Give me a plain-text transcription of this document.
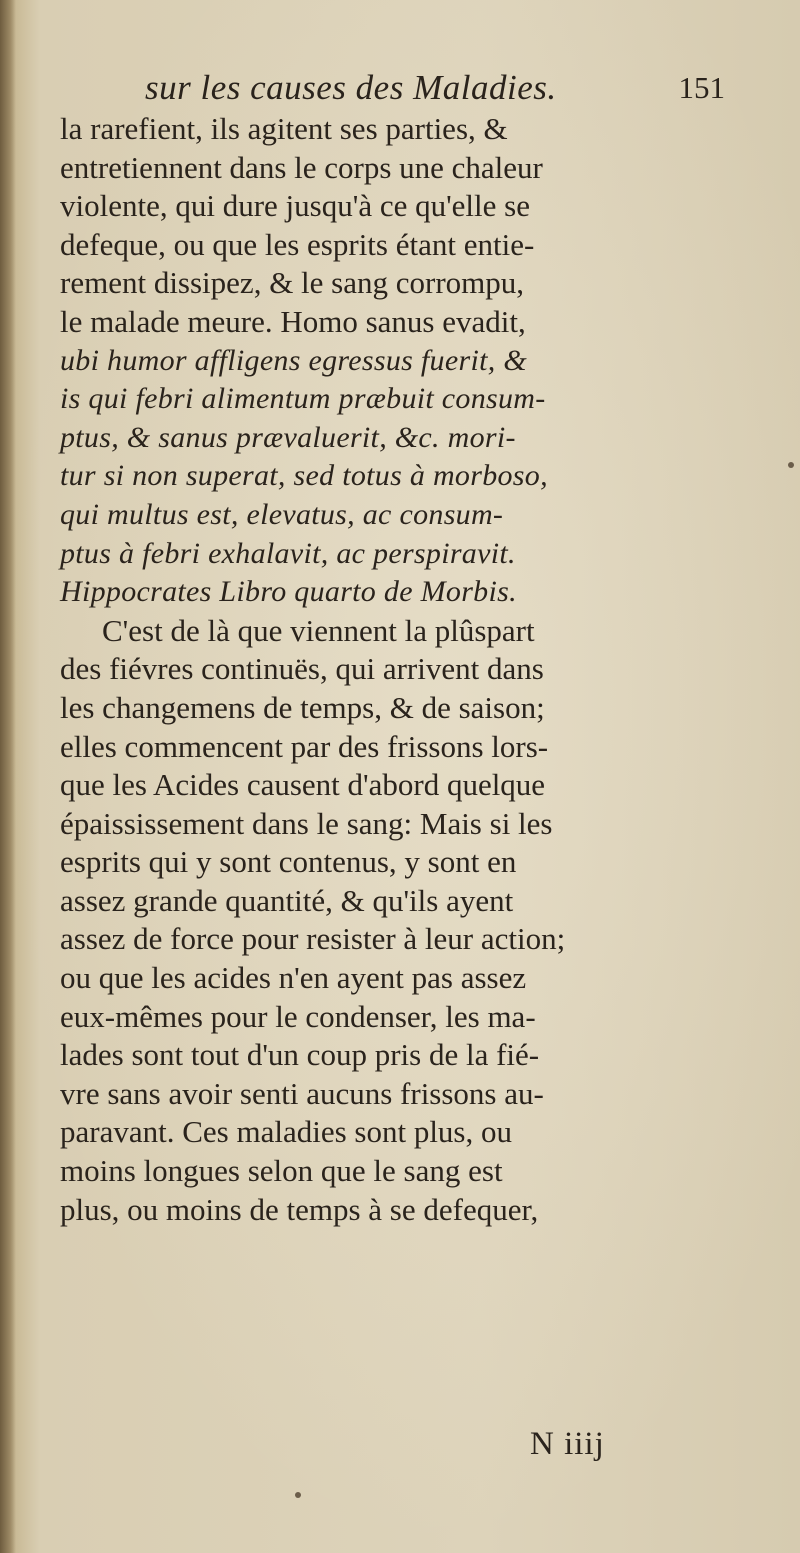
sur les causes des Maladies.	151
la rarefient, ils agitent ses parties, &
entretiennent dans le corps une chaleur
violente, qui dure jusqu'à ce qu'elle se
defeque, ou que les esprits étant entie-
rement dissipez, & le sang corrompu,
le malade meure. Homo sanus evadit,
ubi humor affligens egressus fuerit, &
is qui febri alimentum præbuit consum-
ptus, & sanus prævaluerit, &c. mori-
tur si non superat, sed totus à morboso,
qui multus est, elevatus, ac consum-
ptus à febri exhalavit, ac perspiravit.
Hippocrates Libro quarto de Morbis.
C'est de là que viennent la plûspart
des fiévres continuës, qui arrivent dans
les changemens de temps, & de saison;
elles commencent par des frissons lors-
que les Acides causent d'abord quelque
épaississement dans le sang: Mais si les
esprits qui y sont contenus, y sont en
assez grande quantité, & qu'ils ayent
assez de force pour resister à leur action;
ou que les acides n'en ayent pas assez
eux-mêmes pour le condenser, les ma-
lades sont tout d'un coup pris de la fié-
vre sans avoir senti aucuns frissons au-
paravant. Ces maladies sont plus, ou
moins longues selon que le sang est
plus, ou moins de temps à se defequer,
N iiij
